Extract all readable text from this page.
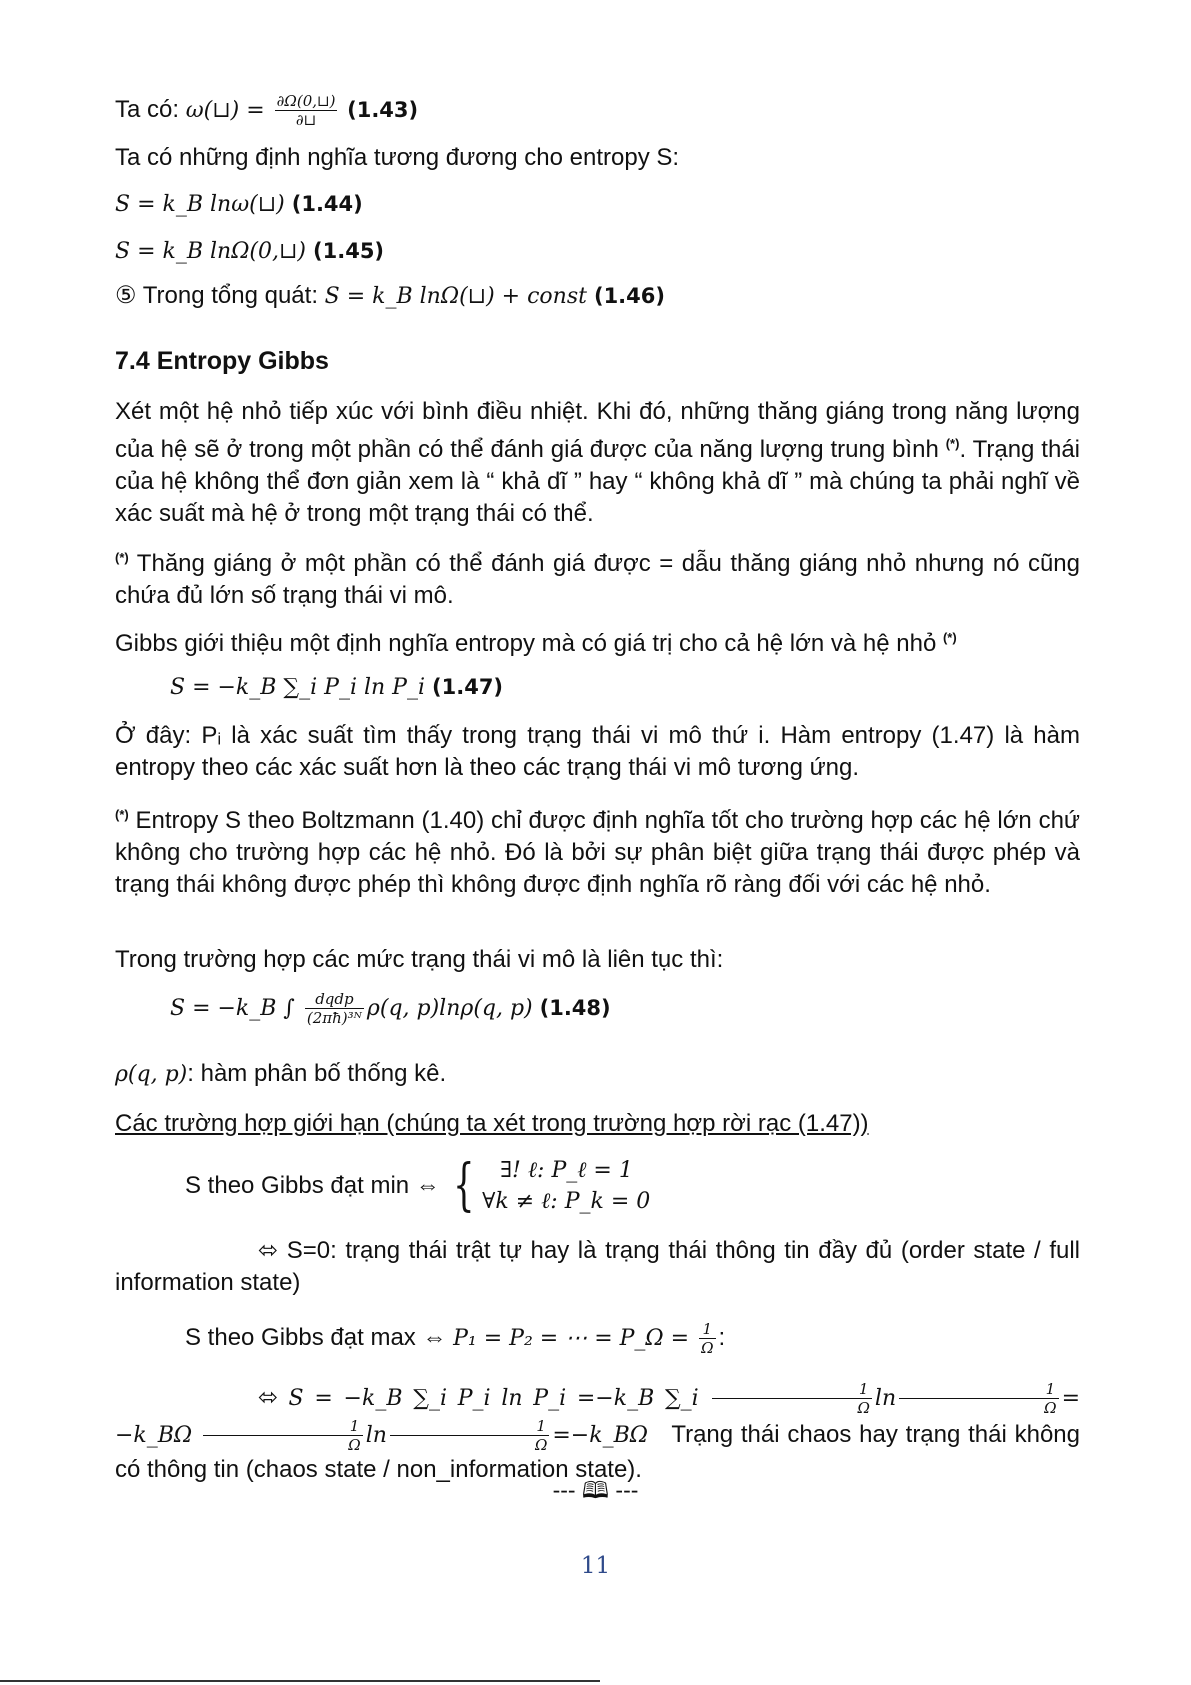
Ta có: ω(⊔) = $\frac{\partial\Omega(0,⊔)}{\partial⊔} (1.43)$
Ta có những định nghĩa tương đương cho entropy S:
S = k_B lnω(⊔) (1.44)
S = k_B lnΩ(0,⊔) (1.45)
⑤ Trong tổng quát: S = k_B lnΩ(⊔) + const (1.46)
7.4 Entropy Gibbs
Xét một hệ nhỏ tiếp xúc với bình điều nhiệt. Khi đó, những thăng giáng trong năng lượng của hệ sẽ ở trong một phần có thể đánh giá được của năng lượng trung bình (*). Trạng thái của hệ không thể đơn giản xem là “ khả dĩ ” hay “ không khả dĩ ” mà chúng ta phải nghĩ về xác suất mà hệ ở trong một trạng thái có thể.
(*) Thăng giáng ở một phần có thể đánh giá được = dẫu thăng giáng nhỏ nhưng nó cũng chứa đủ lớn số trạng thái vi mô.
Gibbs giới thiệu một định nghĩa entropy mà có giá trị cho cả hệ lớn và hệ nhỏ (*)
S = −k_B ∑_i P_i ln P_i (1.47)
Ở đây: Pᵢ là xác suất tìm thấy trong trạng thái vi mô thứ i. Hàm entropy (1.47) là hàm entropy theo các xác suất hơn là theo các trạng thái vi mô tương ứng.
(*) Entropy S theo Boltzmann (1.40) chỉ được định nghĩa tốt cho trường hợp các hệ lớn chứ không cho trường hợp các hệ nhỏ. Đó là bởi sự phân biệt giữa trạng thái được phép và trạng thái không được phép thì không được định nghĩa rõ ràng đối với các hệ nhỏ.
Trong trường hợp các mức trạng thái vi mô là liên tục thì:
S = −k_B ∫ $\frac{\text{dqdp}}{\text{(2πħ)³ᴺ}} \rho(q$, p)lnρ(q, p) (1.48)
ρ(q, p): hàm phân bố thống kê.
Các trường hợp giới hạn (chúng ta xét trong trường hợp rời rạc (1.47))
S theo Gibbs đạt min ⇔ {	∃! ℓ: P_ℓ = 1
∀k ≠ ℓ: P_k = 0
⬄ S=0: trạng thái trật tự hay là trạng thái thông tin đầy đủ (order state / full information state)
S theo Gibbs đạt max ⇔ P₁ = P₂ = ⋯ = P_Ω = $\frac{1}{\Omega}$ :
⬄ S = −k_B ∑_i P_i ln P_i =−k_B ∑_i $\frac{1}{\Omega}$ $\ln \frac{1}{\Omega}$ = −k_BΩ $\frac{1}{\Omega}$ $\ln \frac{1}{\Omega}$ =−k_BΩ Trạng thái chaos hay trạng thái không có thông tin (chaos state / non_information state).
--- 🕮 ---
11
